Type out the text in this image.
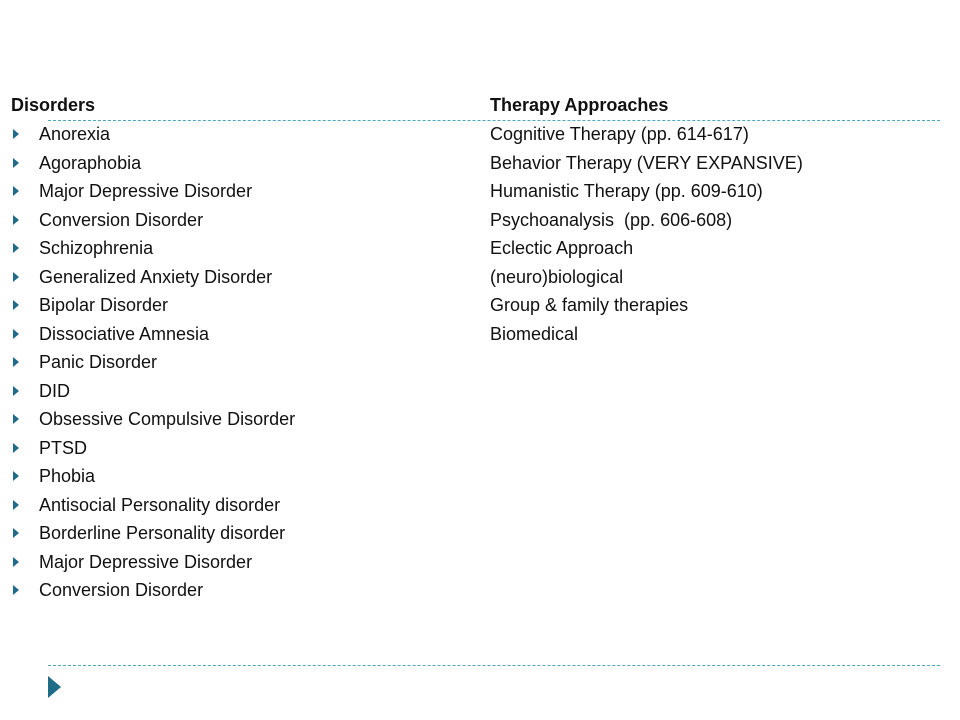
Disorders	Therapy Approaches
Anorexia
Agoraphobia
Major Depressive Disorder
Conversion Disorder
Schizophrenia
Generalized Anxiety Disorder
Bipolar Disorder
Dissociative Amnesia
Panic Disorder
DID
Obsessive Compulsive Disorder
PTSD
Phobia
Antisocial Personality disorder
Borderline Personality disorder
Major Depressive Disorder
Conversion Disorder
Cognitive Therapy (pp. 614-617)
Behavior Therapy (VERY EXPANSIVE)
Humanistic Therapy (pp. 609-610)
Psychoanalysis  (pp. 606-608)
Eclectic Approach
(neuro)biological
Group & family therapies
Biomedical
